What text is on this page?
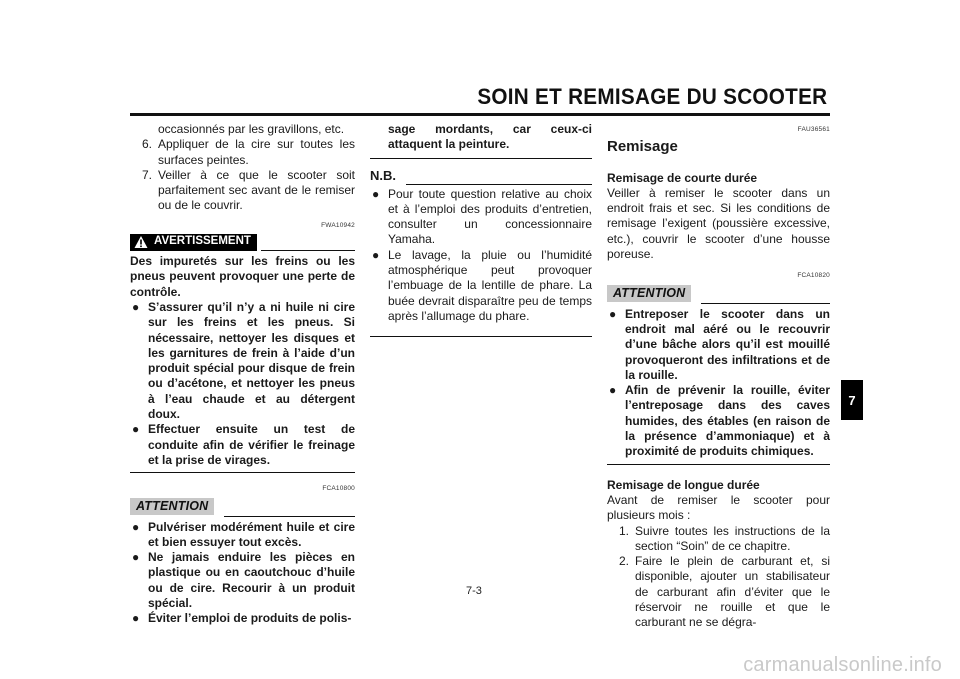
SOIN ET REMISAGE DU SCOOTER

occasionnés par les gravillons, etc.

6. Appliquer de la cire sur toutes les surfaces peintes.
7. Veiller à ce que le scooter soit parfaitement sec avant de le remiser ou de le couvrir.
FWA10942
AVERTISSEMENT

Des impuretés sur les freins ou les pneus peuvent provoquer une perte de contrôle.

● S’assurer qu’il n’y a ni huile ni cire sur les freins et les pneus. Si nécessaire, nettoyer les disques et les garnitures de frein à l’aide d’un produit spécial pour disque de frein ou d’acétone, et nettoyer les pneus à l’eau chaude et au détergent doux.
● Effectuer ensuite un test de conduite afin de vérifier le freinage et la prise de virages.
FCA10800
ATTENTION
● Pulvériser modérément huile et cire et bien essuyer tout excès.
● Ne jamais enduire les pièces en plastique ou en caoutchouc d’huile ou de cire. Recourir à un produit spécial.
● Éviter l’emploi de produits de polis-

sage mordants, car ceux-ci attaquent la peinture.

N.B.
● Pour toute question relative au choix et à l’emploi des produits d’entretien, consulter un concessionnaire Yamaha.
● Le lavage, la pluie ou l’humidité atmosphérique peut provoquer l’embuage de la lentille de phare. La buée devrait disparaître peu de temps après l’allumage du phare.
FAU36561

Remisage

Remisage de courte durée

Veiller à remiser le scooter dans un endroit frais et sec. Si les conditions de remisage l’exigent (poussière excessive, etc.), couvrir le scooter d’une housse poreuse.

FCA10820
ATTENTION
● Entreposer le scooter dans un endroit mal aéré ou le recouvrir d’une bâche alors qu’il est mouillé provoqueront des infiltrations et de la rouille.
● Afin de prévenir la rouille, éviter l’entreposage dans des caves humides, des étables (en raison de la présence d’ammoniaque) et à proximité de produits chimiques.

Remisage de longue durée

Avant de remiser le scooter pour plusieurs mois :

1. Suivre toutes les instructions de la section “Soin” de ce chapitre.
2. Faire le plein de carburant et, si disponible, ajouter un stabilisateur de carburant afin d’éviter que le réservoir ne rouille et que le carburant ne se dégra-
7
7-3
carmanualsonline.info
